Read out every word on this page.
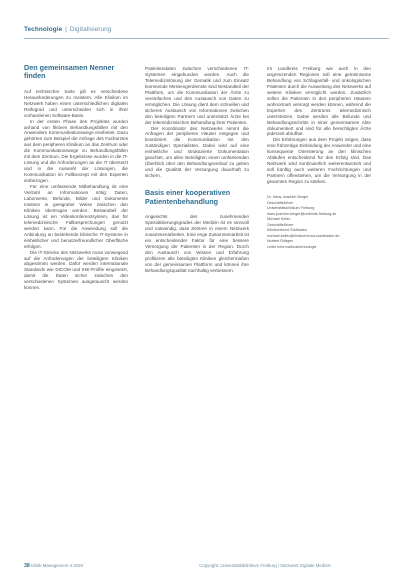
Technologie | Digitalisierung
Den gemeinsamen Nenner finden

Auf technischer Seite gilt es verschiedene Herausforderungen zu meistern. Alle Kliniken im Netzwerk haben einen unterschiedlichen digitalen Reifegrad und unterscheiden sich in ihrer vorhandenen Software-Basis.

In der ersten Phase des Projektes wurden anhand von fiktiven Behandlungsfällen mit den Anwendern Kommunikationswege erarbeitet. Dazu gehörten zum Beispiel die Anfrage des Facharztes aus dem peripheren Klinikum an das Zentrum oder die Kommunikationswege zu Behandlungsfällen mit dem Zentrum. Die Ergebnisse wurden in die IT-Lösung und die Anforderungen an die IT übersetzt und in die Auswahl der Lösungen, die Kommunikation im Fallkonzept mit den Experten einbezogen.

Für eine umfassende Mitbehandlung ist eine Vielzahl an Informationen nötig: Daten, Laborwerte, Befunde, Bilder und Dokumente müssen in geeigneter Weise zwischen den Kliniken übertragen werden. Bestandteil der Lösung ist ein Videokonferenzsystem, das für telemedizinische Fallbesprechungen genutzt werden kann. Für die Anwendung soll die Anbindung an bestehende klinische IT-Systeme in einheitlicher und benutzerfreundlicher Oberfläche erfolgen.

Die IT-Strecke des Netzwerks muss vorwiegend auf die Anforderungen der beteiligten Kliniken abgestimmt werden. Dafür werden internationale Standards wie DICOM und IHE-Profile eingesetzt, damit die Daten sicher zwischen den verschiedenen Systemen ausgetauscht werden können.

Patientendaten zwischen verschiedenen IT-Systemen eingebunden werden. Auch die Telemedizinlösung der Gematik und zum Einsatz kommende Messengerdienste sind Bestandteil der Plattform, um die Kommunikation der Ärzte zu vereinfachen und den Austausch von Daten zu ermöglichen. Die Lösung dient dem schnellen und sicheren Austausch von Informationen zwischen den beteiligten Partnern und unterstützt Ärzte bei der telemedizinischen Behandlung ihrer Patienten.

Der Koordinator des Netzwerks nimmt die Anfragen der peripheren Häuser entgegen und koordiniert die Kommunikation mit den zuständigen Spezialisten. Dabei wird auf eine einheitliche und strukturierte Dokumentation geachtet, um allen Beteiligten einen umfassenden Überblick über den Behandlungsverlauf zu geben und die Qualität der Versorgung dauerhaft zu sichern.

Basis einer kooperativen Patientenbehandlung

Angesichts des zunehmenden Spezialisierungsgrades der Medizin ist es sinnvoll und notwendig, dass Zentren in einem Netzwerk zusammenarbeiten. Eine enge Zusammenarbeit ist ein entscheidender Faktor für eine bessere Versorgung der Patienten in der Region. Durch den Austausch von Wissen und Erfahrung profitieren alle beteiligten Kliniken gleichermaßen von der gemeinsamen Plattform und können ihre Behandlungsqualität nachhaltig verbessern.

Im Landkreis Freiburg wie auch in den angrenzenden Regionen soll eine gemeinsame Behandlung von Schlaganfall- und onkologischen Patienten durch die Ausweitung des Netzwerks auf weitere Kliniken ermöglicht werden. Zusätzlich sollen die Patienten in den peripheren Häusern wohnortnah versorgt werden können, während die Experten des Zentrums telemedizinisch unterstützen. Dabei werden alle Befunde und Behandlungsschritte in einer gemeinsamen Akte dokumentiert und sind für alle berechtigten Ärzte jederzeit abrufbar.

Die Erfahrungen aus dem Projekt zeigen, dass eine frühzeitige Einbindung der Anwender und eine konsequente Orientierung an den klinischen Abläufen entscheidend für den Erfolg sind. Das Netzwerk wird kontinuierlich weiterentwickelt und soll künftig auch weiteren Fachrichtungen und Partnern offenstehen, um die Versorgung in der gesamten Region zu stärken.

Dr. Hans-Joachim Berger
Geschäftsführer
Universitätsklinikum Freiburg
hans-joachim.berger@uniklinik-freiburg.de
Michael Keller
Geschäftsführer
Klinikverbund Südbaden
michael.keller@klinikverbund-suedbaden.de
Norbert Röttgen
Leiter Informationstechnologie
38 Klinik Management 4.2020	Copyright: Universitätsklinikum Freiburg / Netzwerk Digitale Medizin
